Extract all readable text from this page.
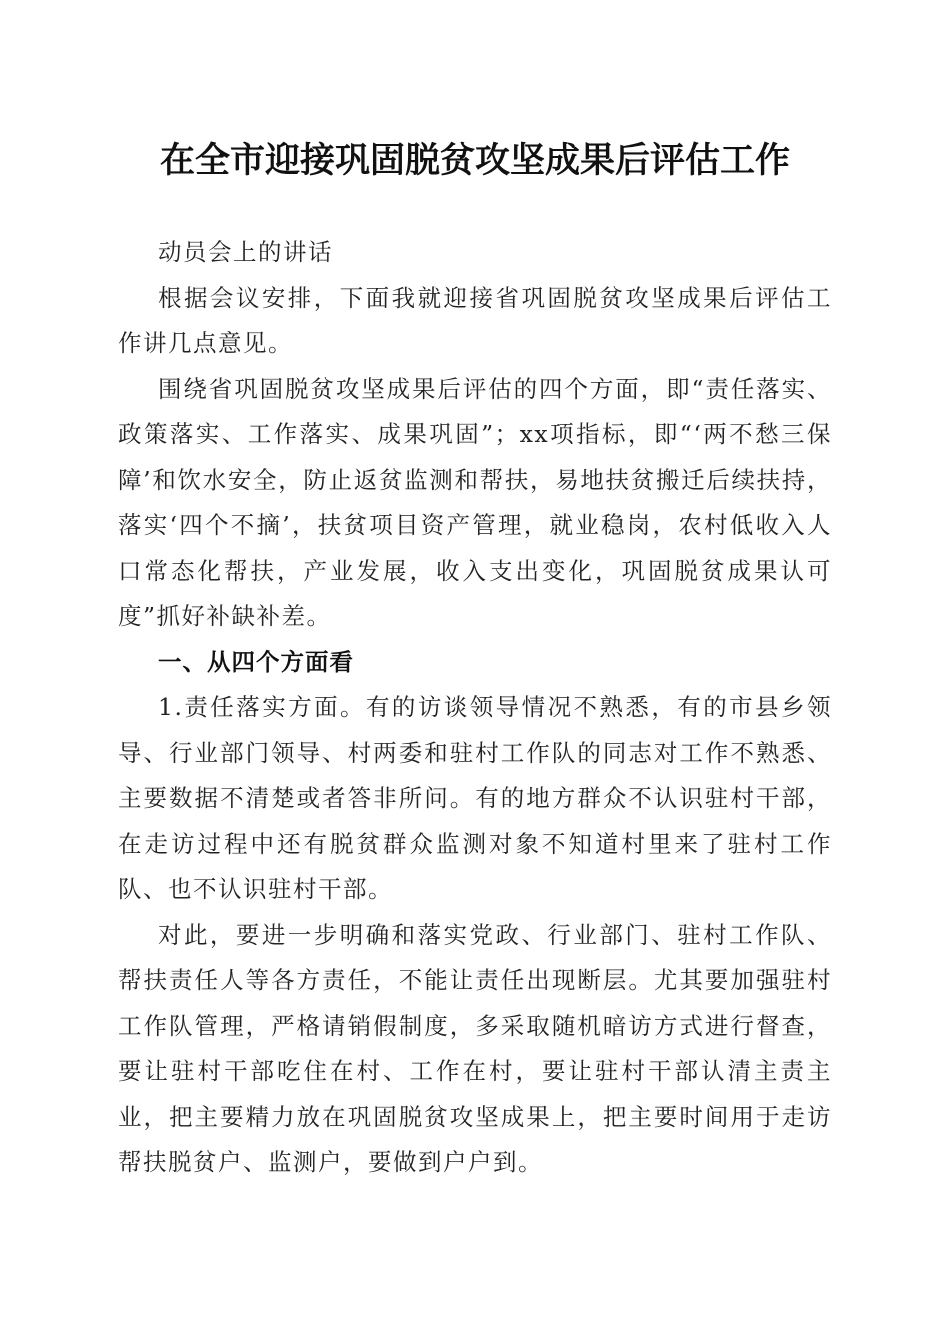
在全市迎接巩固脱贫攻坚成果后评估工作

动员会上的讲话

根据会议安排，下面我就迎接省巩固脱贫攻坚成果后评估工作讲几点意见。

围绕省巩固脱贫攻坚成果后评估的四个方面，即“责任落实、政策落实、工作落实、成果巩固”；xx项指标，即“‘两不愁三保障’和饮水安全，防止返贫监测和帮扶，易地扶贫搬迁后续扶持，落实‘四个不摘’，扶贫项目资产管理，就业稳岗，农村低收入人口常态化帮扶，产业发展，收入支出变化，巩固脱贫成果认可度”抓好补缺补差。

一、从四个方面看

1.责任落实方面。有的访谈领导情况不熟悉，有的市县乡领导、行业部门领导、村两委和驻村工作队的同志对工作不熟悉、主要数据不清楚或者答非所问。有的地方群众不认识驻村干部，在走访过程中还有脱贫群众监测对象不知道村里来了驻村工作队、也不认识驻村干部。

对此，要进一步明确和落实党政、行业部门、驻村工作队、帮扶责任人等各方责任，不能让责任出现断层。尤其要加强驻村工作队管理，严格请销假制度，多采取随机暗访方式进行督查，要让驻村干部吃住在村、工作在村，要让驻村干部认清主责主业，把主要精力放在巩固脱贫攻坚成果上，把主要时间用于走访帮扶脱贫户、监测户，要做到户户到。
